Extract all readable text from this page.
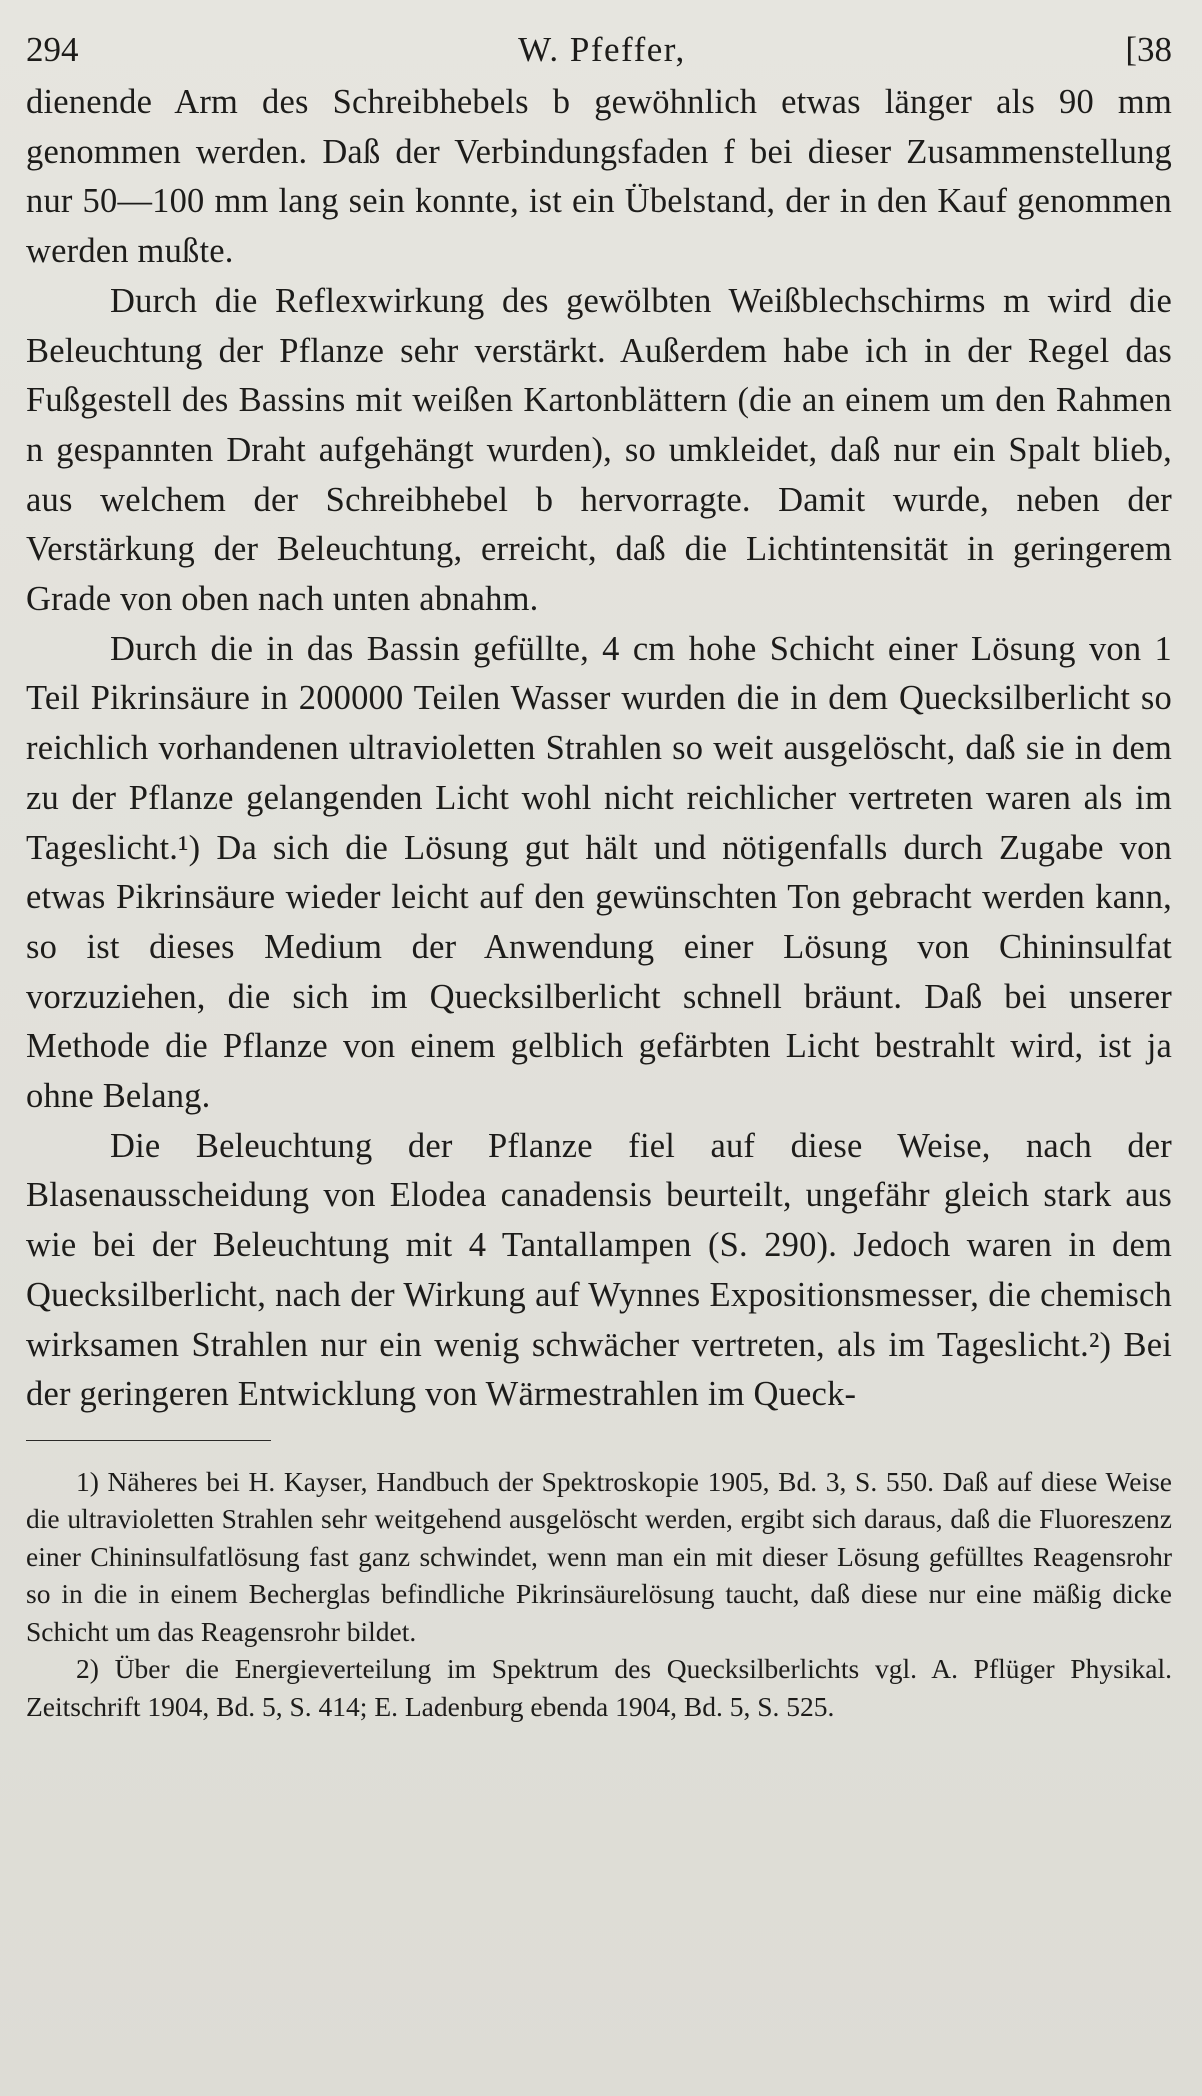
294	W. Pfeffer,	[38

dienende Arm des Schreibhebels b gewöhnlich etwas länger als 90 mm genommen werden. Daß der Verbindungsfaden f bei dieser Zusammenstellung nur 50—100 mm lang sein konnte, ist ein Übelstand, der in den Kauf genommen werden mußte.

Durch die Reflexwirkung des gewölbten Weißblechschirms m wird die Beleuchtung der Pflanze sehr verstärkt. Außerdem habe ich in der Regel das Fußgestell des Bassins mit weißen Kartonblättern (die an einem um den Rahmen n gespannten Draht aufgehängt wurden), so umkleidet, daß nur ein Spalt blieb, aus welchem der Schreibhebel b hervorragte. Damit wurde, neben der Verstärkung der Beleuchtung, erreicht, daß die Lichtintensität in geringerem Grade von oben nach unten abnahm.

Durch die in das Bassin gefüllte, 4 cm hohe Schicht einer Lösung von 1 Teil Pikrinsäure in 200000 Teilen Wasser wurden die in dem Quecksilberlicht so reichlich vorhandenen ultravioletten Strahlen so weit ausgelöscht, daß sie in dem zu der Pflanze gelangenden Licht wohl nicht reichlicher vertreten waren als im Tageslicht.¹) Da sich die Lösung gut hält und nötigenfalls durch Zugabe von etwas Pikrinsäure wieder leicht auf den gewünschten Ton gebracht werden kann, so ist dieses Medium der Anwendung einer Lösung von Chininsulfat vorzuziehen, die sich im Quecksilberlicht schnell bräunt. Daß bei unserer Methode die Pflanze von einem gelblich gefärbten Licht bestrahlt wird, ist ja ohne Belang.

Die Beleuchtung der Pflanze fiel auf diese Weise, nach der Blasenausscheidung von Elodea canadensis beurteilt, ungefähr gleich stark aus wie bei der Beleuchtung mit 4 Tantallampen (S. 290). Jedoch waren in dem Quecksilberlicht, nach der Wirkung auf Wynnes Expositionsmesser, die chemisch wirksamen Strahlen nur ein wenig schwächer vertreten, als im Tageslicht.²) Bei der geringeren Entwicklung von Wärmestrahlen im Queck-

1) Näheres bei H. Kayser, Handbuch der Spektroskopie 1905, Bd. 3, S. 550. Daß auf diese Weise die ultravioletten Strahlen sehr weitgehend ausgelöscht werden, ergibt sich daraus, daß die Fluoreszenz einer Chininsulfatlösung fast ganz schwindet, wenn man ein mit dieser Lösung gefülltes Reagensrohr so in die in einem Becherglas befindliche Pikrinsäurelösung taucht, daß diese nur eine mäßig dicke Schicht um das Reagensrohr bildet.

2) Über die Energieverteilung im Spektrum des Quecksilberlichts vgl. A. Pflüger Physikal. Zeitschrift 1904, Bd. 5, S. 414; E. Ladenburg ebenda 1904, Bd. 5, S. 525.
